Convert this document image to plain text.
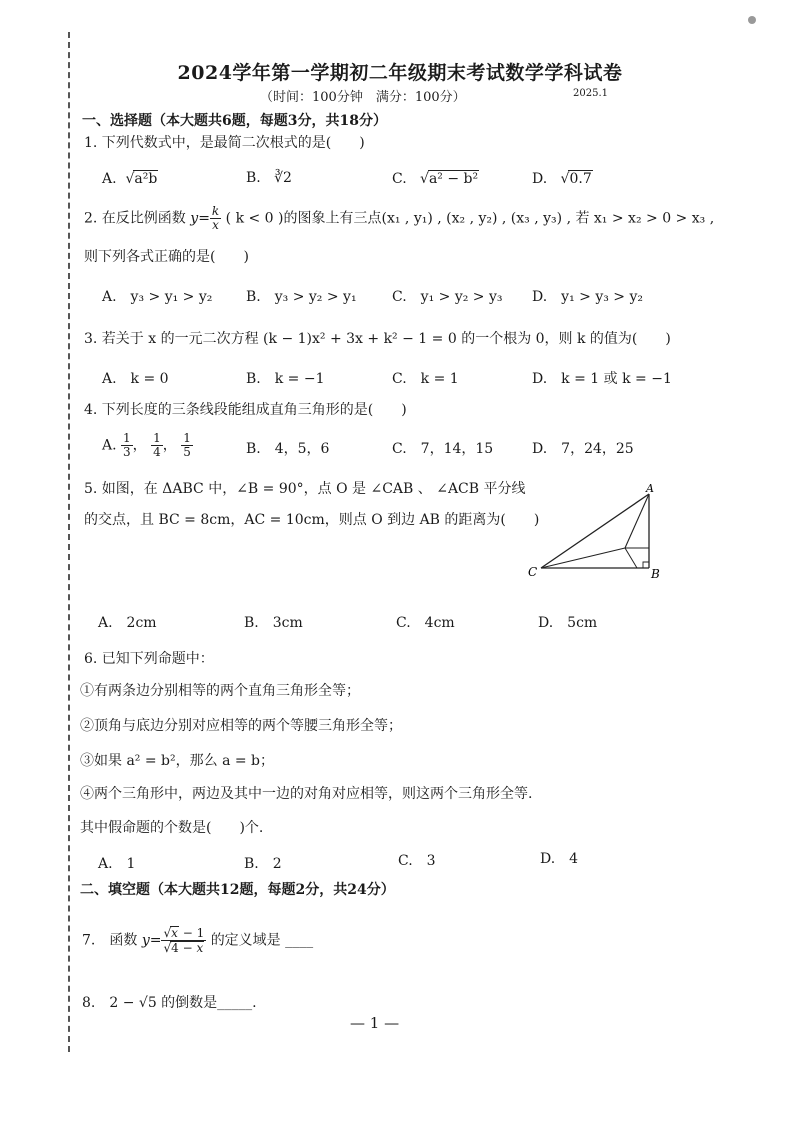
2024学年第一学期初二年级期末考试数学学科试卷
（时间：100分钟　满分：100分）	2025.1
一、选择题（本大题共6题，每题3分，共18分）
1. 下列代数式中，是最简二次根式的是(　　)
A.  √a²b	B. ∛2	C.   √a² − b²	D.   √0.7
2. 在反比例函数 $y= \frac{k}{x}$ ( k < 0 )的图象上有三点(x₁ , y₁) , (x₂ , y₂) , (x₃ , y₃) , 若 x₁ > x₂ > 0 > x₃ ,
则下列各式正确的是(　　)
A.　y₃ > y₁ > y₂ B.　y₃ > y₂ > y₁	C.　y₁ > y₂ > y₃ D.　y₁ > y₃ > y₂
3. 若关于 x 的一元二次方程 (k − 1)x² + 3x + k² − 1 = 0 的一个根为 0，则 k 的值为(　　)
A.　k = 0	B.　k = −1	C.　k = 1	D.　k = 1 或 k = −1
4. 下列长度的三条线段能组成直角三角形的是(　　)
A. $\frac{1}{3}$ ， $\frac{1}{4}$ ， $\frac{1}{5}$	B.　4，5，6	C.　7，14，15	D.　7，24，25
5. 如图，在 ΔABC 中，∠B = 90°，点 O 是 ∠CAB 、 ∠ACB 平分线
的交点，且 BC = 8cm，AC = 10cm，则点 O 到边 AB 的距离为(　　)
A
B
C
A.　2cm	B.　3cm	C.　4cm	D.　5cm
6. 已知下列命题中：
①有两条边分别相等的两个直角三角形全等；
②顶角与底边分别对应相等的两个等腰三角形全等；
③如果 a² = b²，那么 a = b；
④两个三角形中，两边及其中一边的对角对应相等，则这两个三角形全等.
其中假命题的个数是(　　)个.
A.　1	B.　2	C.　3	D.　4
二、填空题（本大题共12题，每题2分，共24分）
7.　函数 $y= \frac{√x - 1}{√4 - x}$ 的定义域是 ____
8.　2 − √5 的倒数是_____.
— 1 —
